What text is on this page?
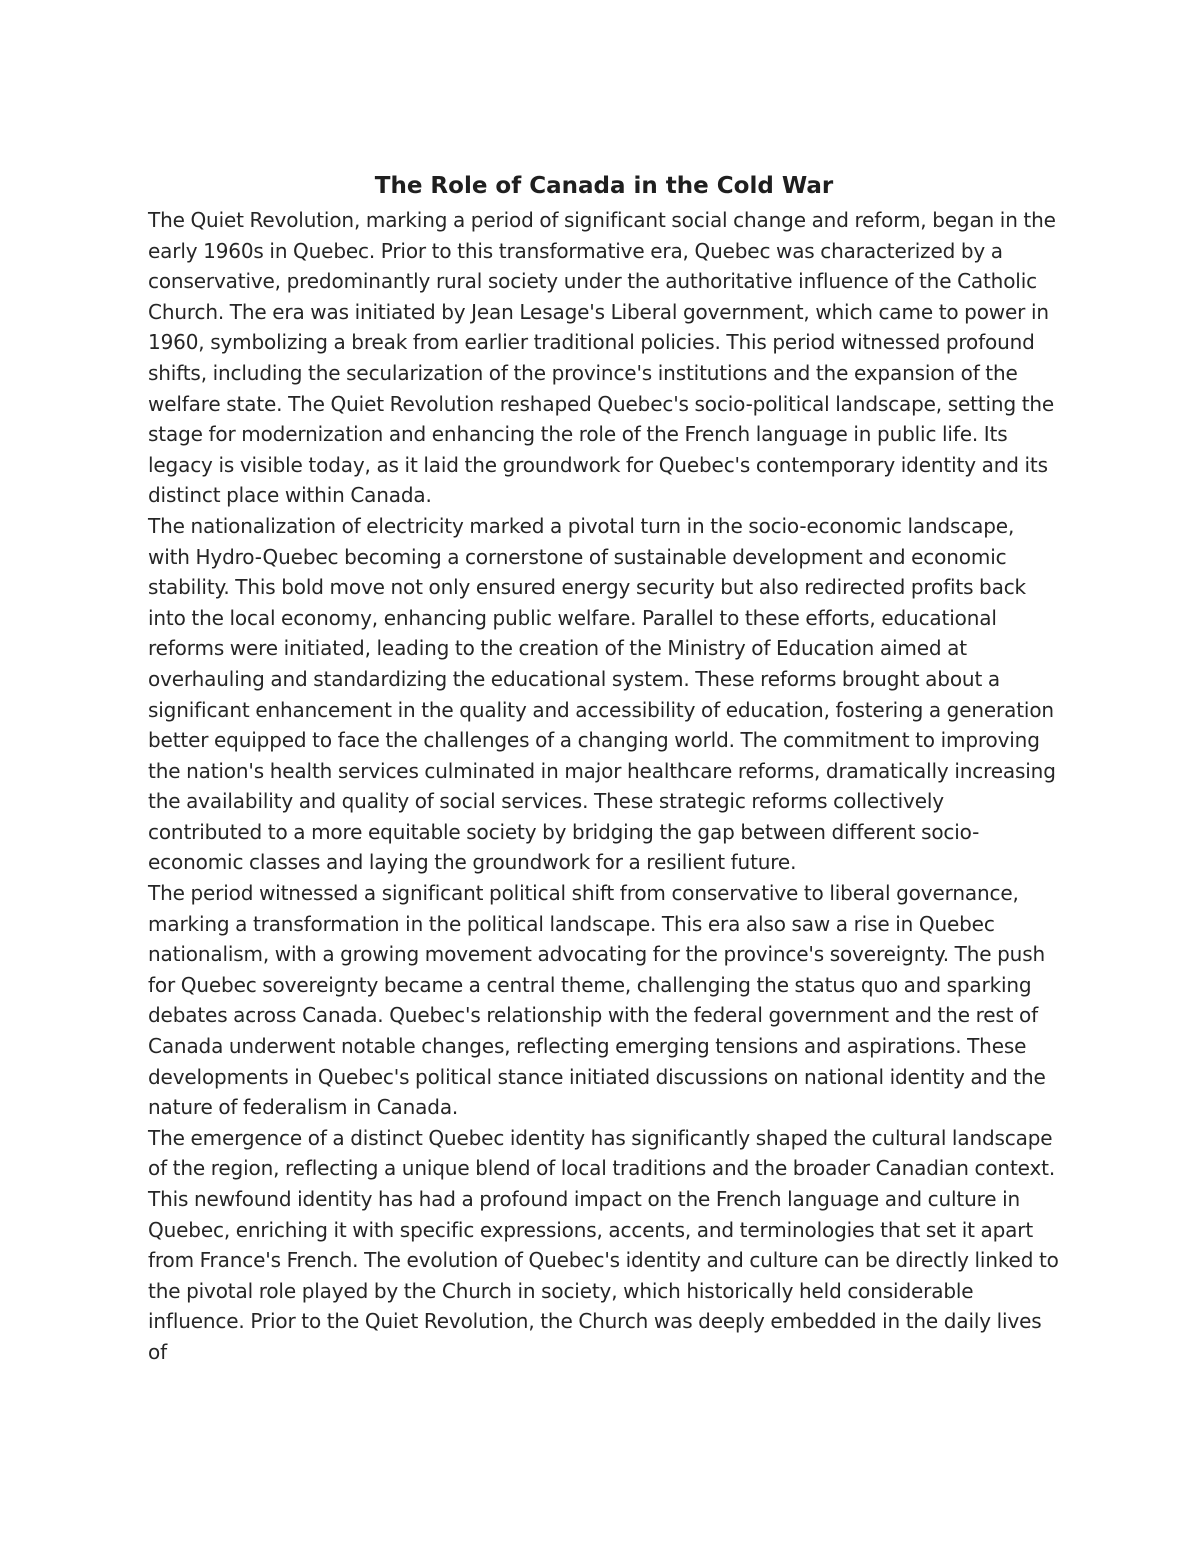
The Role of Canada in the Cold War

The Quiet Revolution, marking a period of significant social change and reform, began in the early 1960s in Quebec. Prior to this transformative era, Quebec was characterized by a conservative, predominantly rural society under the authoritative influence of the Catholic Church. The era was initiated by Jean Lesage's Liberal government, which came to power in 1960, symbolizing a break from earlier traditional policies. This period witnessed profound shifts, including the secularization of the province's institutions and the expansion of the welfare state. The Quiet Revolution reshaped Quebec's socio-political landscape, setting the stage for modernization and enhancing the role of the French language in public life. Its legacy is visible today, as it laid the groundwork for Quebec's contemporary identity and its distinct place within Canada.

The nationalization of electricity marked a pivotal turn in the socio-economic landscape, with Hydro-Quebec becoming a cornerstone of sustainable development and economic stability. This bold move not only ensured energy security but also redirected profits back into the local economy, enhancing public welfare. Parallel to these efforts, educational reforms were initiated, leading to the creation of the Ministry of Education aimed at overhauling and standardizing the educational system. These reforms brought about a significant enhancement in the quality and accessibility of education, fostering a generation better equipped to face the challenges of a changing world. The commitment to improving the nation's health services culminated in major healthcare reforms, dramatically increasing the availability and quality of social services. These strategic reforms collectively contributed to a more equitable society by bridging the gap between different socio-economic classes and laying the groundwork for a resilient future.

The period witnessed a significant political shift from conservative to liberal governance, marking a transformation in the political landscape. This era also saw a rise in Quebec nationalism, with a growing movement advocating for the province's sovereignty. The push for Quebec sovereignty became a central theme, challenging the status quo and sparking debates across Canada. Quebec's relationship with the federal government and the rest of Canada underwent notable changes, reflecting emerging tensions and aspirations. These developments in Quebec's political stance initiated discussions on national identity and the nature of federalism in Canada.

The emergence of a distinct Quebec identity has significantly shaped the cultural landscape of the region, reflecting a unique blend of local traditions and the broader Canadian context. This newfound identity has had a profound impact on the French language and culture in Quebec, enriching it with specific expressions, accents, and terminologies that set it apart from France's French. The evolution of Quebec's identity and culture can be directly linked to the pivotal role played by the Church in society, which historically held considerable influence. Prior to the Quiet Revolution, the Church was deeply embedded in the daily lives of
